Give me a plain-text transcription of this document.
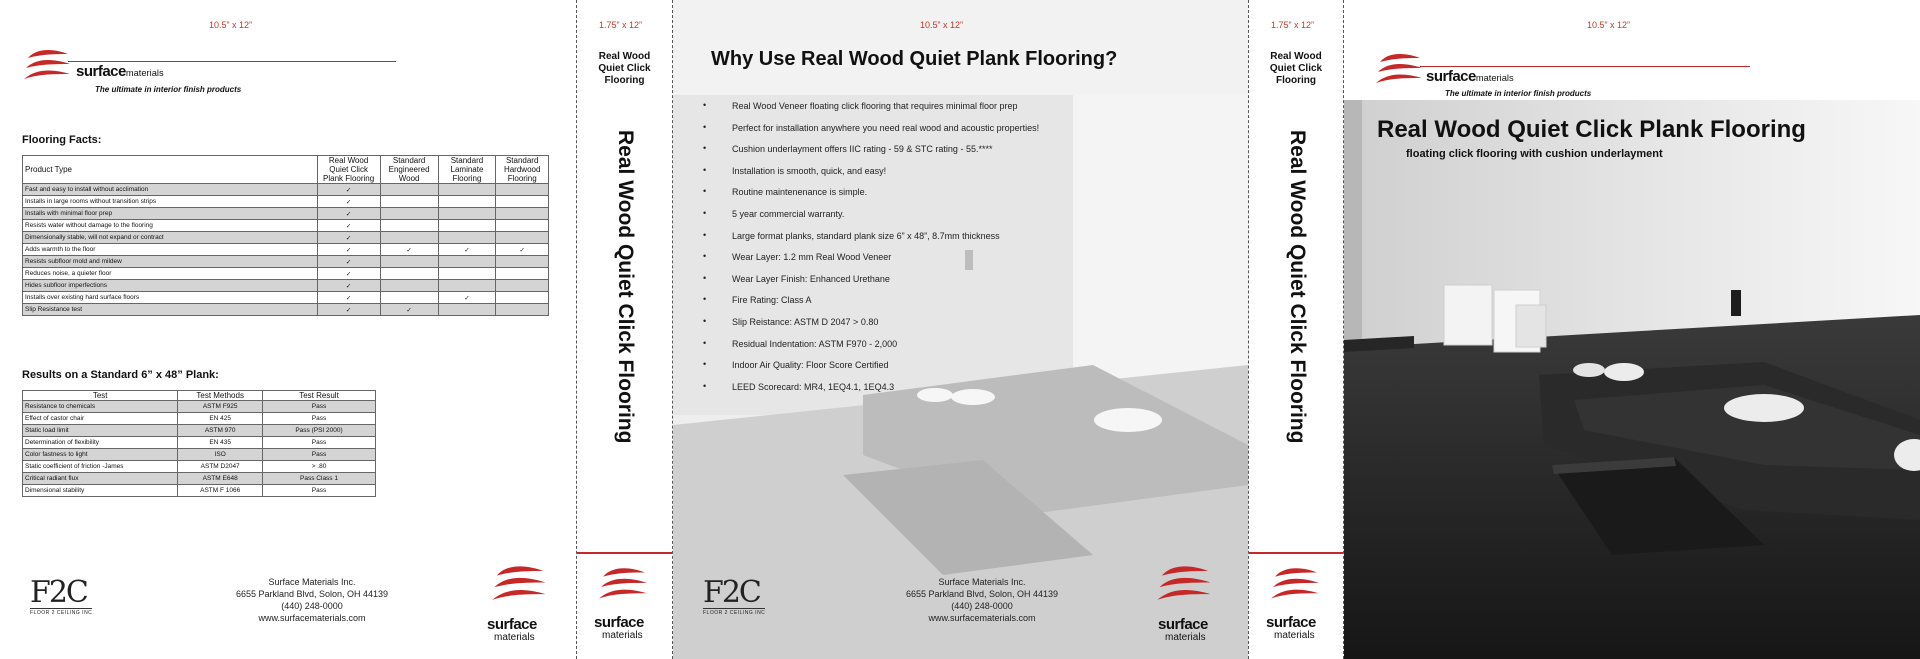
10.5” x 12”
surfacematerials
The ultimate in interior finish products
Flooring Facts:
Product Type	Real Wood Quiet Click Plank Flooring	Standard Engineered Wood	Standard Laminate Flooring	Standard Hardwood Flooring
Fast and easy to install without acclimation	✓			
Installs in large rooms without transition strips	✓			
Installs with minimal floor prep	✓			
Resists water without damage to the flooring	✓			
Dimensionally stable, will not expand or contract	✓			
Adds warmth to the floor	✓	✓	✓	✓
Resists subfloor mold and mildew	✓			
Reduces noise, a quieter floor	✓			
Hides subfloor imperfections	✓			
Installs over existing hard surface floors	✓		✓	
Slip Resistance test	✓	✓		
Results on a Standard 6” x 48” Plank:
Test	Test Methods	Test Result
Resistance to chemicals	ASTM F925	Pass
Effect of castor chair	EN 425	Pass
Static load limit	ASTM 970	Pass (PSI 2000)
Determination of flexibility	EN 435	Pass
Color fastness to light	ISO	Pass
Static coefficient of friction -James	ASTM D2047	> .80
Critical radiant flux	ASTM E648	Pass Class 1
Dimensional stability	ASTM F 1066	Pass
F2C
FLOOR 2 CEILING INC
Surface Materials Inc.
6655 Parkland Blvd, Solon, OH 44139
(440) 248-0000
www.surfacematerials.com	surface
materials
1.75” x 12”
Real Wood
Quiet Click
Flooring
Real Wood Quiet Click Flooring
surface
materials
10.5” x 12”
Why Use Real Wood Quiet Plank Flooring?
• Real Wood Veneer floating click flooring that requires minimal floor prep
• Perfect for installation anywhere you need real wood and acoustic properties!
• Cushion underlayment offers IIC rating - 59 & STC rating - 55.****
• Installation is smooth, quick, and easy!
• Routine maintenenance is simple.
• 5 year commercial warranty.
• Large format planks, standard plank size 6” x 48”, 8.7mm thickness
• Wear Layer: 1.2 mm Real Wood Veneer
• Wear Layer Finish: Enhanced Urethane
• Fire Rating: Class A
• Slip Reistance: ASTM D 2047 > 0.80
• Residual Indentation: ASTM F970 - 2,000
• Indoor Air Quality: Floor Score Certified
• LEED Scorecard: MR4, 1EQ4.1, 1EQ4.3
F2C
FLOOR 2 CEILING INC
Surface Materials Inc.
6655 Parkland Blvd, Solon, OH 44139
(440) 248-0000
www.surfacematerials.com	surface
materials
1.75” x 12”
Real Wood
Quiet Click
Flooring
Real Wood Quiet Click Flooring
surface
materials
10.5” x 12”
surfacematerials
The ultimate in interior finish products
Real Wood Quiet Click Plank Flooring
floating click flooring with cushion underlayment
